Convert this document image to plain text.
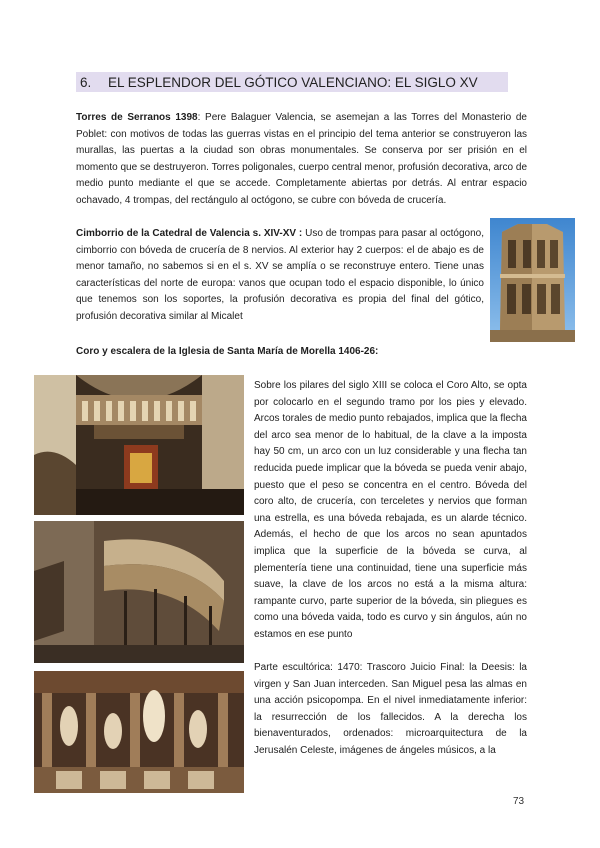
6.	EL ESPLENDOR DEL GÓTICO VALENCIANO: EL SIGLO XV

Torres de Serranos 1398: Pere Balaguer Valencia, se asemejan a las Torres del Monasterio de Poblet: con motivos de todas las guerras vistas en el principio del tema anterior se construyeron las murallas, las puertas a la ciudad son obras monumentales. Se conserva por ser prisión en el momento que se destruyeron. Torres poligonales, cuerpo central menor, profusión decorativa, arco de medio punto mediante el que se accede. Completamente abiertas por detrás. Al entrar espacio ochavado, 4 trompas, del rectángulo al octógono, se cubre con bóveda de crucería.

Cimborrio de la Catedral de Valencia s. XIV-XV : Uso de trompas para pasar al octógono, cimborrio con bóveda de crucería de 8 nervios. Al exterior hay 2 cuerpos: el de abajo es de menor tamaño, no sabemos si en el s. XV se amplía o se reconstruye entero. Tiene unas características del norte de europa: vanos que ocupan todo el espacio disponible, lo único que tenemos son los soportes, la profusión decorativa es propia del final del gótico, profusión decorativa similar al Micalet

Coro y escalera de la Iglesia de Santa María de Morella 1406-26:

Sobre los pilares del siglo XIII se coloca el Coro Alto, se opta por colocarlo en el segundo tramo por los pies y elevado. Arcos torales de medio punto rebajados, implica que la flecha del arco sea menor de lo habitual, de la clave a la imposta hay 50 cm, un arco con un luz considerable y una flecha tan reducida puede implicar que la bóveda se pueda venir abajo, puesto que el peso se concentra en el centro. Bóveda del coro alto, de crucería, con terceletes y nervios que forman una estrella, es una bóveda rebajada, es un alarde técnico. Además, el hecho de que los arcos no sean apuntados implica que la superficie de la bóveda se curva, al plementería tiene una continuidad, tiene una superficie más suave, la clave de los arcos no está a la misma altura: rampante curvo, parte superior de la bóveda, sin pliegues es como una bóveda vaida, todo es curvo y sin ángulos, aún no estamos en ese punto

Parte escultórica: 1470: Trascoro Juicio Final: la Deesis: la virgen y San Juan interceden. San Miguel pesa las almas en una acción psicopompa. En el nivel inmediatamente inferior: la resurrección de los fallecidos. A la derecha los bienaventurados, ordenados: microarquitectura de la Jerusalén Celeste, imágenes de ángeles músicos, a la

73
